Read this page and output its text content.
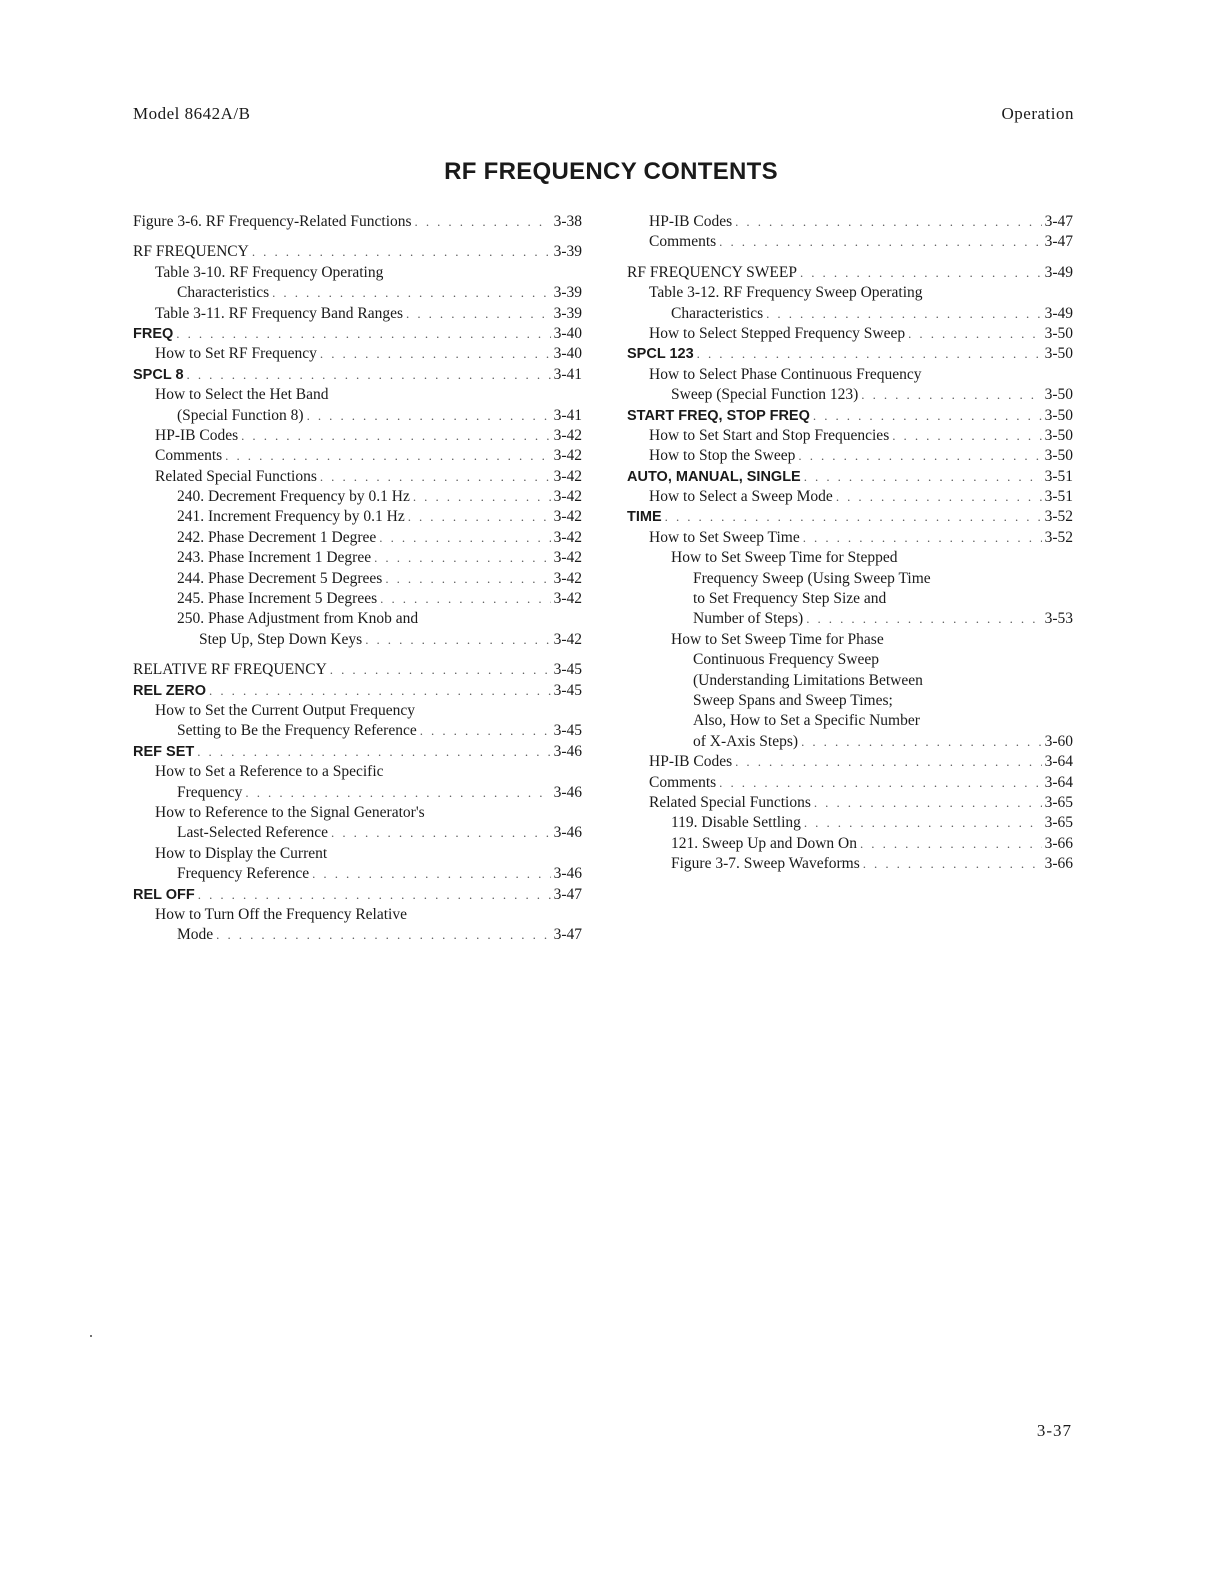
Model 8642A/B	Operation
RF FREQUENCY CONTENTS
Figure 3-6. RF Frequency-Related Functions . . .	3-38
RF FREQUENCY . . .	3-39
Table 3-10. RF Frequency Operating
Characteristics . . .	3-39
Table 3-11. RF Frequency Band Ranges . . .	3-39
FREQ . . .	3-40
How to Set RF Frequency . . .	3-40
SPCL 8 . . .	3-41
How to Select the Het Band
(Special Function 8) . . .	3-41
HP-IB Codes . . .	3-42
Comments . . .	3-42
Related Special Functions . . .	3-42
240. Decrement Frequency by 0.1 Hz . . .	3-42
241. Increment Frequency by 0.1 Hz . . .	3-42
242. Phase Decrement 1 Degree . . .	3-42
243. Phase Increment 1 Degree . . .	3-42
244. Phase Decrement 5 Degrees . . .	3-42
245. Phase Increment 5 Degrees . . .	3-42
250. Phase Adjustment from Knob and
Step Up, Step Down Keys . . .	3-42
RELATIVE RF FREQUENCY . . .	3-45
REL ZERO . . .	3-45
How to Set the Current Output Frequency
Setting to Be the Frequency Reference . . .	3-45
REF SET . . .	3-46
How to Set a Reference to a Specific
Frequency . . .	3-46
How to Reference to the Signal Generator's
Last-Selected Reference . . .	3-46
How to Display the Current
Frequency Reference . . .	3-46
REL OFF . . .	3-47
How to Turn Off the Frequency Relative
Mode . . .	3-47
HP-IB Codes . . .	3-47
Comments . . .	3-47
RF FREQUENCY SWEEP . . .	3-49
Table 3-12. RF Frequency Sweep Operating
Characteristics . . .	3-49
How to Select Stepped Frequency Sweep . . .	3-50
SPCL 123 . . .	3-50
How to Select Phase Continuous Frequency
Sweep (Special Function 123) . . .	3-50
START FREQ, STOP FREQ . . .	3-50
How to Set Start and Stop Frequencies . . .	3-50
How to Stop the Sweep . . .	3-50
AUTO, MANUAL, SINGLE . . .	3-51
How to Select a Sweep Mode . . .	3-51
TIME . . .	3-52
How to Set Sweep Time . . .	3-52
How to Set Sweep Time for Stepped
Frequency Sweep (Using Sweep Time
to Set Frequency Step Size and
Number of Steps) . . .	3-53
How to Set Sweep Time for Phase
Continuous Frequency Sweep
(Understanding Limitations Between
Sweep Spans and Sweep Times;
Also, How to Set a Specific Number
of X-Axis Steps) . . .	3-60
HP-IB Codes . . .	3-64
Comments . . .	3-64
Related Special Functions . . .	3-65
119. Disable Settling . . .	3-65
121. Sweep Up and Down On . . .	3-66
Figure 3-7. Sweep Waveforms . . .	3-66
3-37
